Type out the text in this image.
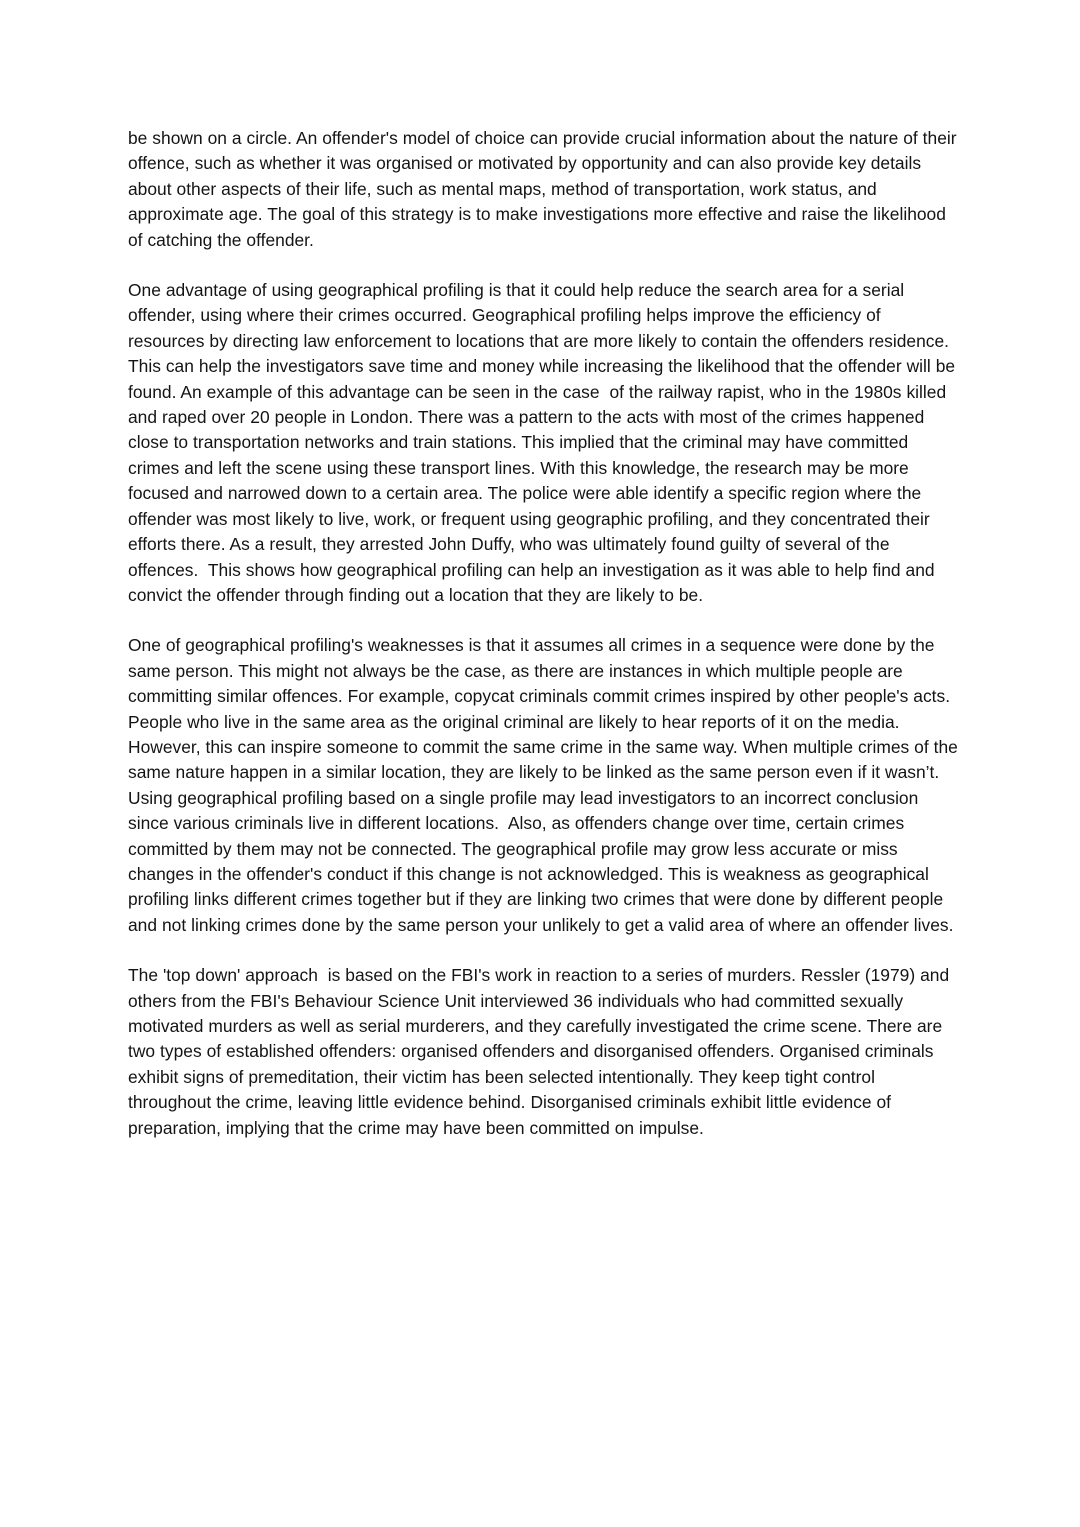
be shown on a circle. An offender's model of choice can provide crucial information about the nature of their offence, such as whether it was organised or motivated by opportunity and can also provide key details about other aspects of their life, such as mental maps, method of transportation, work status, and approximate age. The goal of this strategy is to make investigations more effective and raise the likelihood of catching the offender.

One advantage of using geographical profiling is that it could help reduce the search area for a serial offender, using where their crimes occurred. Geographical profiling helps improve the efficiency of resources by directing law enforcement to locations that are more likely to contain the offenders residence. This can help the investigators save time and money while increasing the likelihood that the offender will be found. An example of this advantage can be seen in the case  of the railway rapist, who in the 1980s killed and raped over 20 people in London. There was a pattern to the acts with most of the crimes happened close to transportation networks and train stations. This implied that the criminal may have committed crimes and left the scene using these transport lines. With this knowledge, the research may be more focused and narrowed down to a certain area. The police were able identify a specific region where the offender was most likely to live, work, or frequent using geographic profiling, and they concentrated their efforts there. As a result, they arrested John Duffy, who was ultimately found guilty of several of the offences.  This shows how geographical profiling can help an investigation as it was able to help find and convict the offender through finding out a location that they are likely to be.

One of geographical profiling's weaknesses is that it assumes all crimes in a sequence were done by the same person. This might not always be the case, as there are instances in which multiple people are committing similar offences. For example, copycat criminals commit crimes inspired by other people's acts. People who live in the same area as the original criminal are likely to hear reports of it on the media. However, this can inspire someone to commit the same crime in the same way. When multiple crimes of the same nature happen in a similar location, they are likely to be linked as the same person even if it wasn’t. Using geographical profiling based on a single profile may lead investigators to an incorrect conclusion since various criminals live in different locations.  Also, as offenders change over time, certain crimes committed by them may not be connected. The geographical profile may grow less accurate or miss changes in the offender's conduct if this change is not acknowledged. This is weakness as geographical profiling links different crimes together but if they are linking two crimes that were done by different people and not linking crimes done by the same person your unlikely to get a valid area of where an offender lives.

The 'top down' approach  is based on the FBI's work in reaction to a series of murders. Ressler (1979) and others from the FBI's Behaviour Science Unit interviewed 36 individuals who had committed sexually motivated murders as well as serial murderers, and they carefully investigated the crime scene. There are two types of established offenders: organised offenders and disorganised offenders. Organised criminals exhibit signs of premeditation, their victim has been selected intentionally. They keep tight control throughout the crime, leaving little evidence behind. Disorganised criminals exhibit little evidence of preparation, implying that the crime may have been committed on impulse.
